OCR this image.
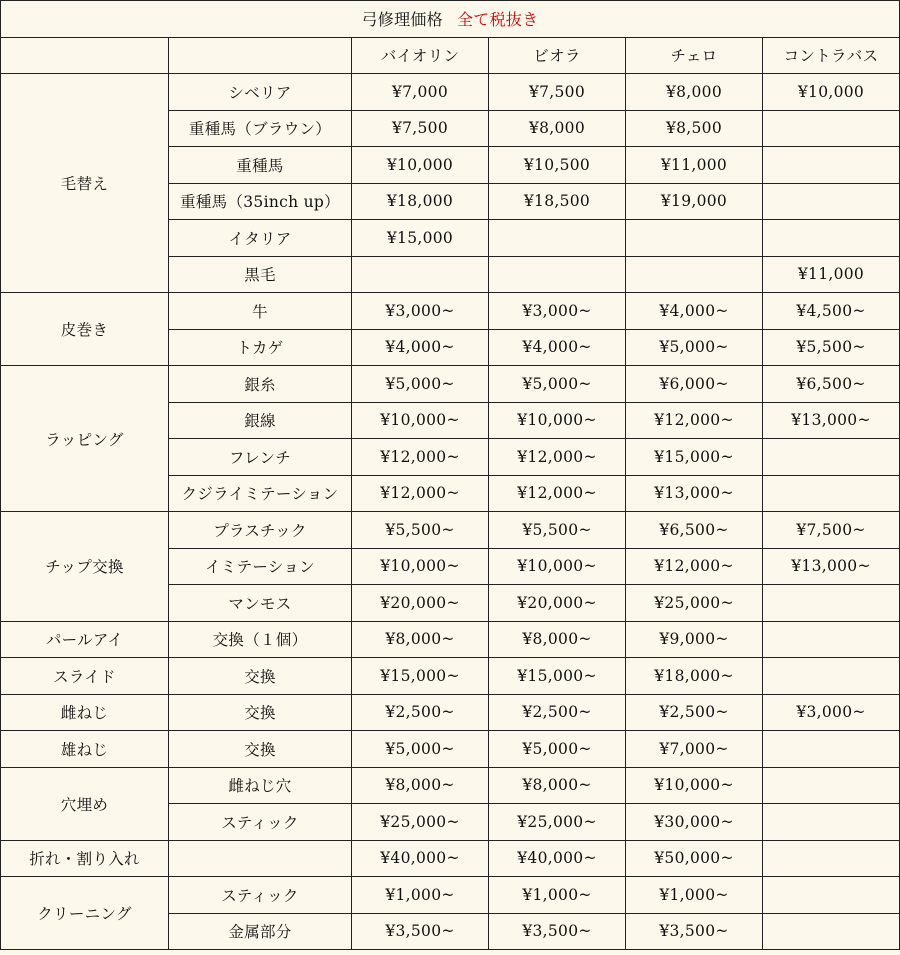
弓修理価格 全て税抜き					
		バイオリン	ビオラ	チェロ	コントラバス
毛替え	シベリア	¥7,000	¥7,500	¥8,000	¥10,000
	重種馬（ブラウン）	¥7,500	¥8,000	¥8,500	
	重種馬	¥10,000	¥10,500	¥11,000	
	重種馬（35inch up）	¥18,000	¥18,500	¥19,000	
	イタリア	¥15,000			
	黒毛				¥11,000
皮巻き	牛	¥3,000~	¥3,000~	¥4,000~	¥4,500~
	トカゲ	¥4,000~	¥4,000~	¥5,000~	¥5,500~
ラッピング	銀糸	¥5,000~	¥5,000~	¥6,000~	¥6,500~
	銀線	¥10,000~	¥10,000~	¥12,000~	¥13,000~
	フレンチ	¥12,000~	¥12,000~	¥15,000~	
	クジライミテーション	¥12,000~	¥12,000~	¥13,000~	
チップ交換	プラスチック	¥5,500~	¥5,500~	¥6,500~	¥7,500~
	イミテーション	¥10,000~	¥10,000~	¥12,000~	¥13,000~
	マンモス	¥20,000~	¥20,000~	¥25,000~	
パールアイ	交換（１個）	¥8,000~	¥8,000~	¥9,000~	
スライド	交換	¥15,000~	¥15,000~	¥18,000~	
雌ねじ	交換	¥2,500~	¥2,500~	¥2,500~	¥3,000~
雄ねじ	交換	¥5,000~	¥5,000~	¥7,000~	
穴埋め	雌ねじ穴	¥8,000~	¥8,000~	¥10,000~	
	スティック	¥25,000~	¥25,000~	¥30,000~	
折れ・割り入れ		¥40,000~	¥40,000~	¥50,000~	
クリーニング	スティック	¥1,000~	¥1,000~	¥1,000~	
	金属部分	¥3,500~	¥3,500~	¥3,500~	
